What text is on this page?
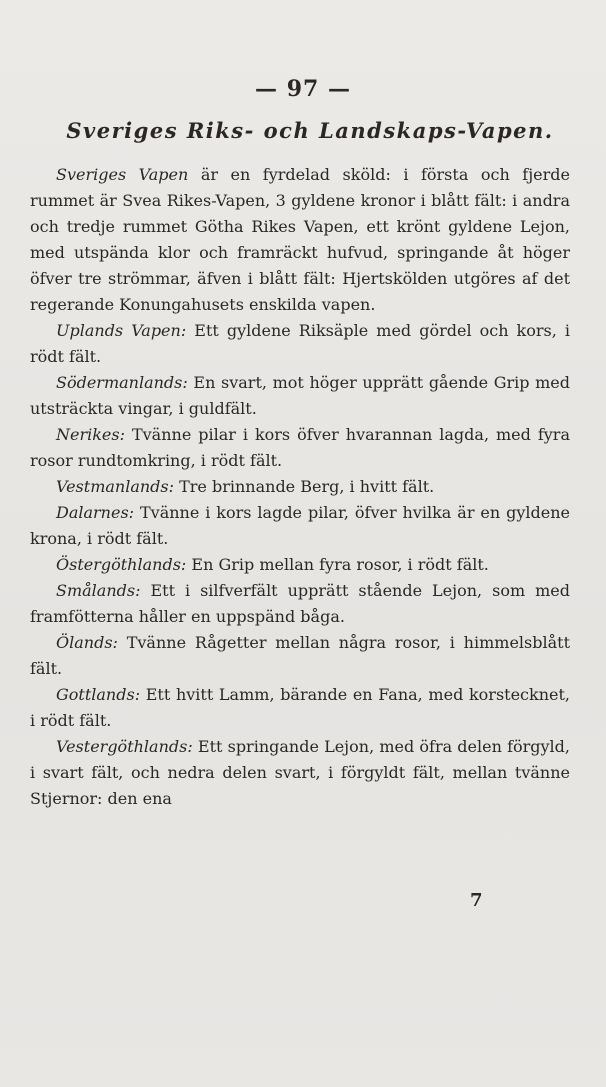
— 97 —
Sveriges Riks- och Landskaps-Vapen.

Sveriges Vapen är en fyrdelad sköld: i första och fjerde rummet är Svea Rikes-Vapen, 3 gyldene kronor i blått fält: i andra och tredje rummet Götha Rikes Vapen, ett krönt gyldene Lejon, med utspända klor och framräckt hufvud, springande åt höger öfver tre strömmar, äfven i blått fält: Hjertskölden utgöres af det regerande Konungahusets enskilda vapen.

Uplands Vapen: Ett gyldene Riksäple med gördel och kors, i rödt fält.

Södermanlands: En svart, mot höger upprätt gående Grip med utsträckta vingar, i guldfält.

Nerikes: Tvänne pilar i kors öfver hvarannan lagda, med fyra rosor rundtomkring, i rödt fält.

Vestmanlands: Tre brinnande Berg, i hvitt fält.

Dalarnes: Tvänne i kors lagde pilar, öfver hvilka är en gyldene krona, i rödt fält.

Östergöthlands: En Grip mellan fyra rosor, i rödt fält.

Smålands: Ett i silfverfält upprätt stående Lejon, som med framfötterna håller en uppspänd båga.

Ölands: Tvänne Rågetter mellan några rosor, i himmelsblått fält.

Gottlands: Ett hvitt Lamm, bärande en Fana, med korstecknet, i rödt fält.

Vestergöthlands: Ett springande Lejon, med öfra delen förgyld, i svart fält, och nedra delen svart, i förgyldt fält, mellan tvänne Stjernor: den ena

7
